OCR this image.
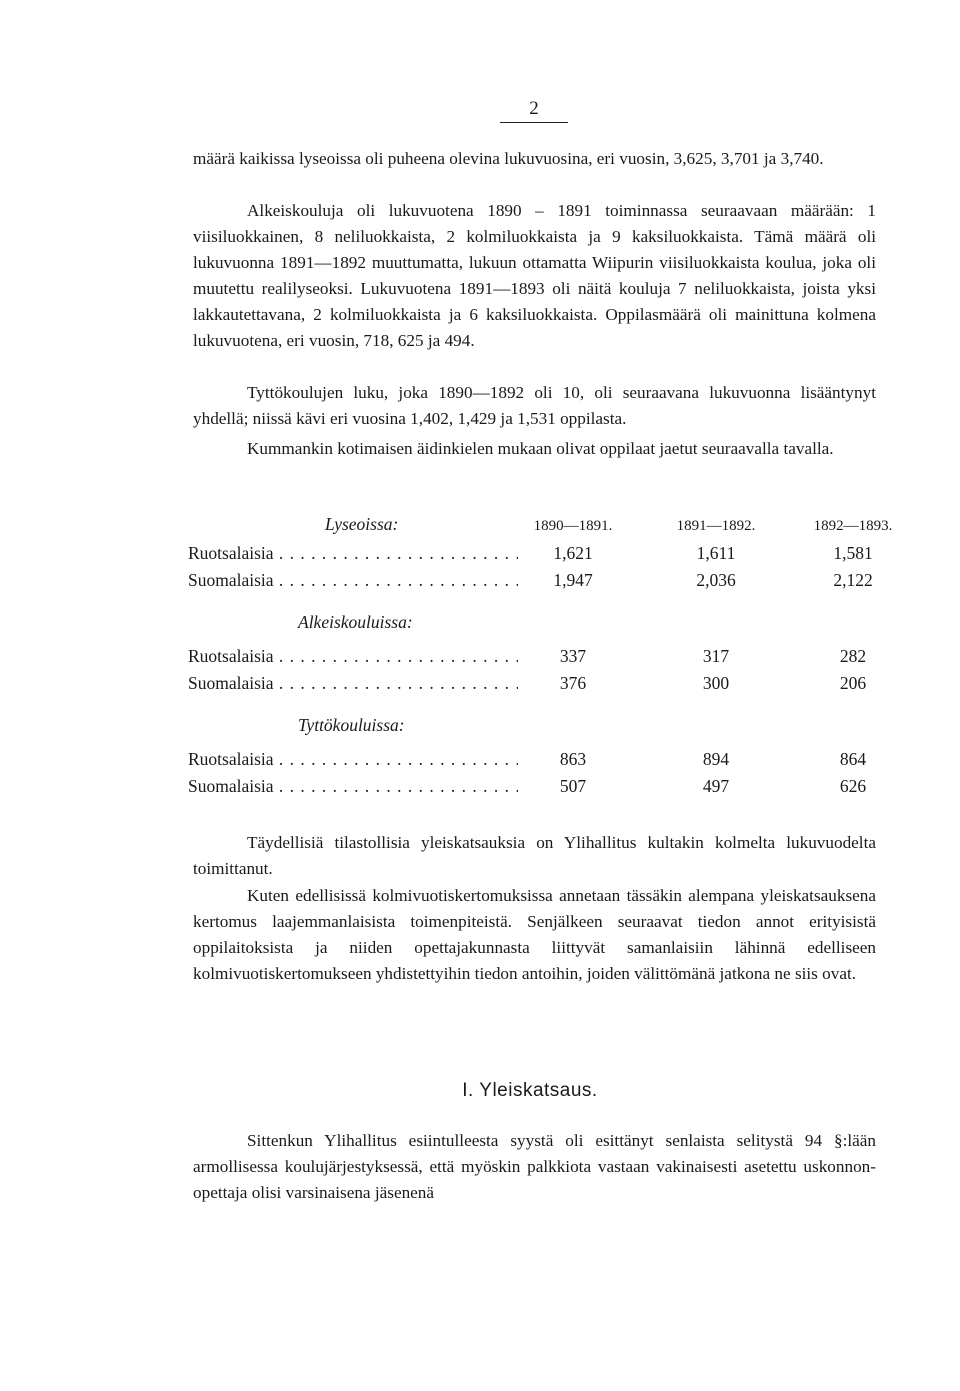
2

määrä kaikissa lyseoissa oli puheena olevina lukuvuosina, eri vuosin, 3,625, 3,701 ja 3,740.

Alkeiskouluja oli lukuvuotena 1890 – 1891 toiminnassa seuraavaan määrään: 1 viisiluokkainen, 8 neliluokkaista, 2 kolmiluokkaista ja 9 kaksiluokkaista. Tämä määrä oli lukuvuonna 1891—1892 muuttumatta, lukuun ottamatta Wiipurin viisiluokkaista koulua, joka oli muutettu realilyseoksi. Lukuvuotena 1891—1893 oli näitä kouluja 7 neliluokkaista, joista yksi lakkautettavana, 2 kolmiluokkaista ja 6 kaksiluokkaista. Oppilasmäärä oli mainittuna kolmena lukuvuotena, eri vuosin, 718, 625 ja 494.

Tyttökoulujen luku, joka 1890—1892 oli 10, oli seuraavana lukuvuonna lisääntynyt yhdellä; niissä kävi eri vuosina 1,402, 1,429 ja 1,531 oppilasta.

Kummankin kotimaisen äidinkielen mukaan olivat oppilaat jaetut seuraavalla tavalla.

Lyseoissa:	1890—1891.	1891—1892.	1892—1893.
Ruotsalaisia . . .	1,621	1,611	1,581
Suomalaisia . . .	1,947	2,036	2,122
Alkeiskouluissa:
Ruotsalaisia . . .	337	317	282
Suomalaisia . . .	376	300	206
Tyttökouluissa:
Ruotsalaisia . . .	863	894	864
Suomalaisia . . .	507	497	626

Täydellisiä tilastollisia yleiskatsauksia on Ylihallitus kultakin kolmelta lukuvuodelta toimittanut.

Kuten edellisissä kolmivuotiskertomuksissa annetaan tässäkin alempana yleiskatsauksena kertomus laajemmanlaisista toimenpiteistä. Senjälkeen seuraavat tiedon annot erityisistä oppilaitoksista ja niiden opettajakunnasta liittyvät samanlaisiin lähinnä edelliseen kolmivuotiskertomukseen yhdistettyihin tiedon antoihin, joiden välittömänä jatkona ne siis ovat.

I. Yleiskatsaus.

Sittenkun Ylihallitus esiintulleesta syystä oli esittänyt senlaista selitystä 94 §:lään armollisessa koulujärjestyksessä, että myöskin palkkiota vastaan vakinaisesti asetettu uskonnon-opettaja olisi varsinaisena jäsenenä
